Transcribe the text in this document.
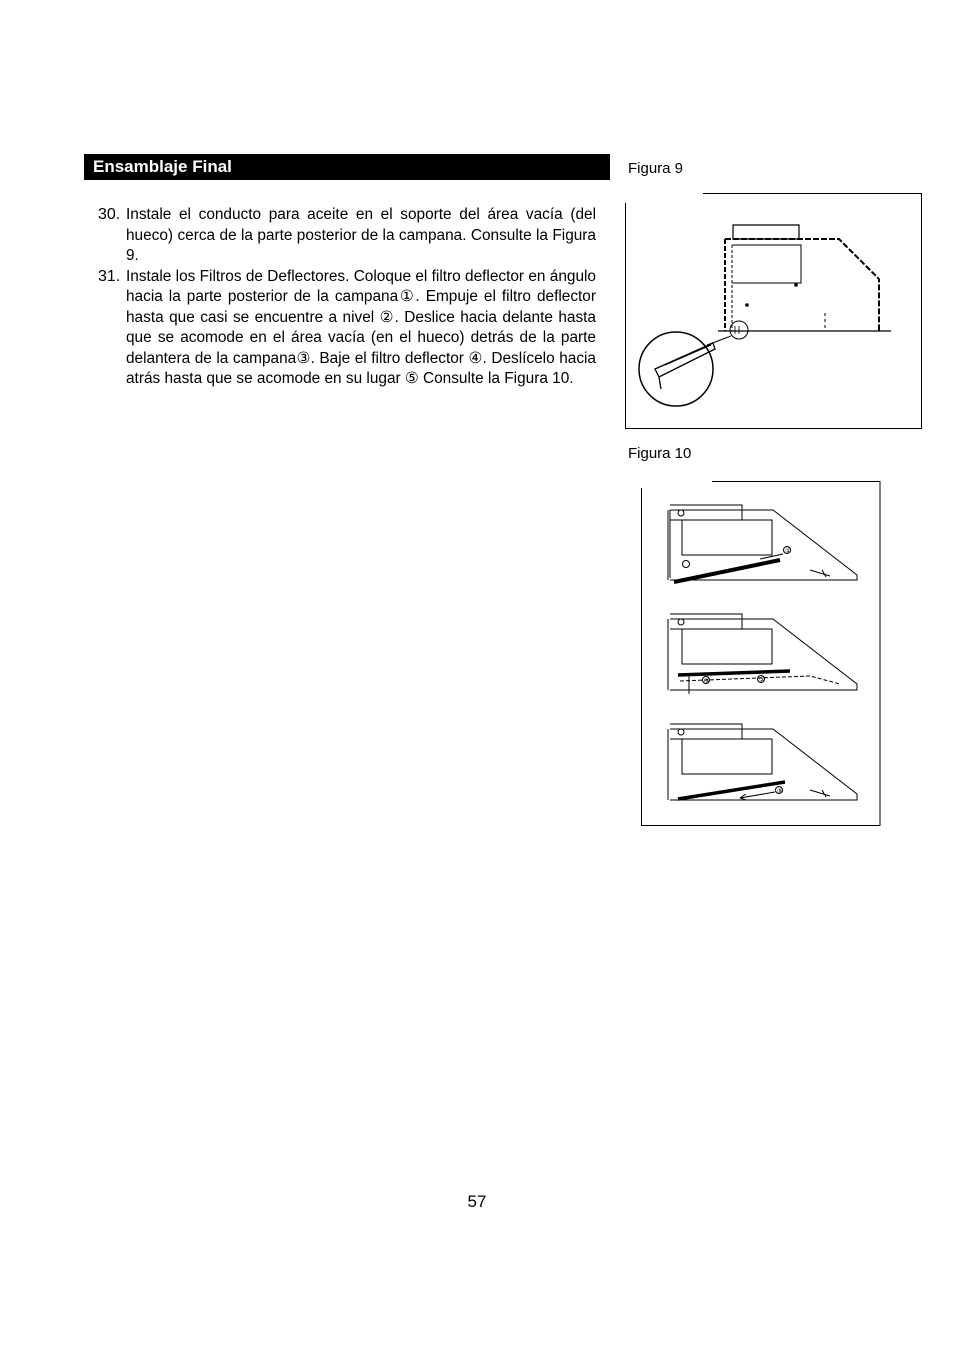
Ensamblaje Final
30. Instale el conducto para aceite en el soporte del área vacía (del hueco) cerca de la parte posterior de la campana. Consulte la Figura 9.
31. Instale los Filtros de Deflectores. Coloque el filtro deflector en ángulo hacia la parte posterior de la campana①. Empuje el filtro deflector hasta que casi se encuentre a nivel ②. Deslice hacia delante hasta que se acomode en el área vacía (en el hueco) detrás de la parte delantera de la campana③. Baje el filtro deflector ④. Deslícelo hacia atrás hasta que se acomode en su lugar ⑤ Consulte la Figura 10.
Figura 9
Figura 10
①
③	②
⑤
57
